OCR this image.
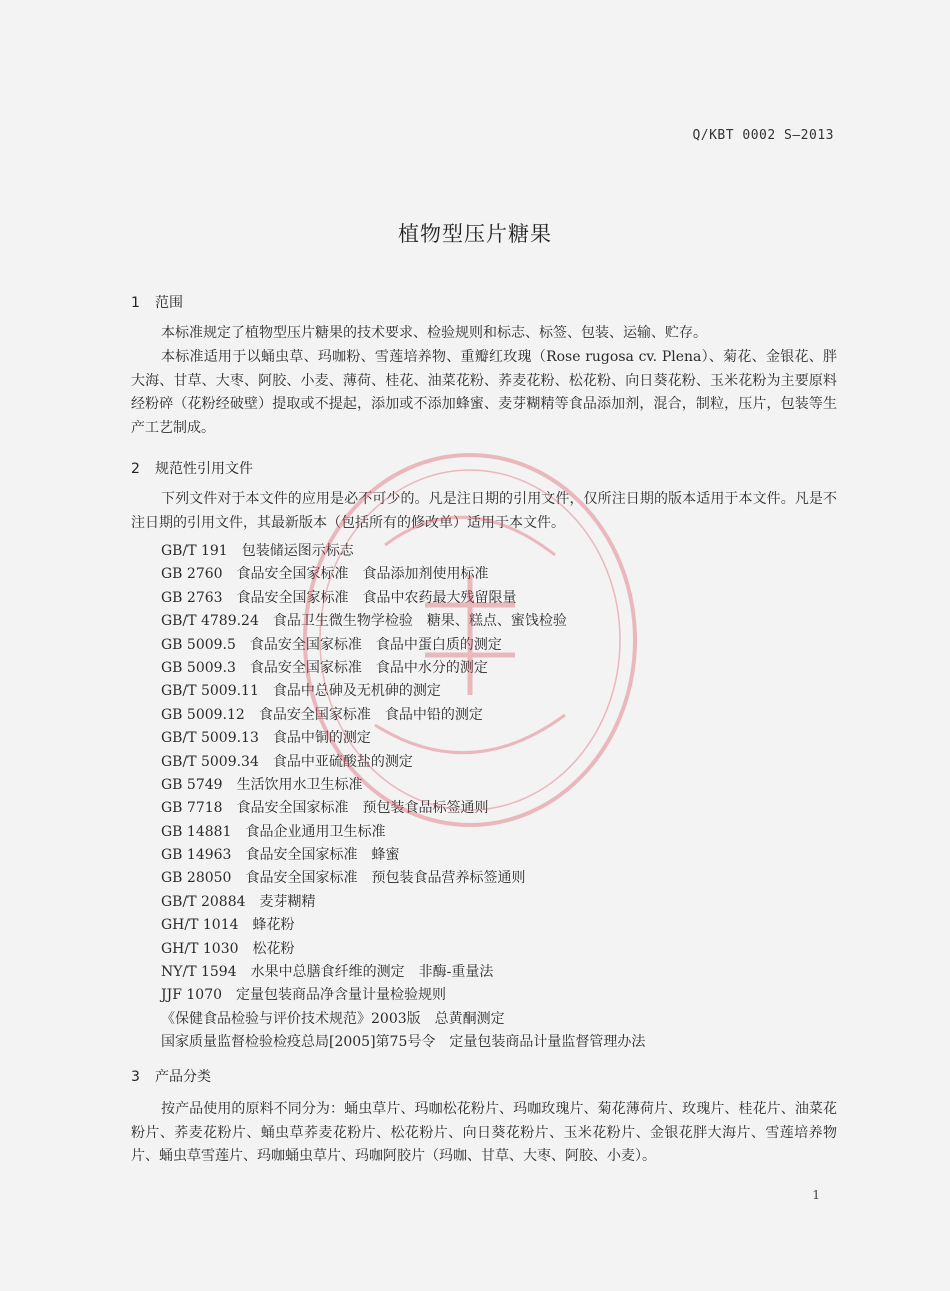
Q/KBT 0002 S—2013
植物型压片糖果
1 范围

本标准规定了植物型压片糖果的技术要求、检验规则和标志、标签、包装、运输、贮存。

本标准适用于以蛹虫草、玛咖粉、雪莲培养物、重瓣红玫瑰（Rose rugosa cv. Plena）、菊花、金银花、胖大海、甘草、大枣、阿胶、小麦、薄荷、桂花、油菜花粉、荞麦花粉、松花粉、向日葵花粉、玉米花粉为主要原料经粉碎（花粉经破壁）提取或不提起，添加或不添加蜂蜜、麦芽糊精等食品添加剂，混合，制粒，压片，包装等生产工艺制成。

2 规范性引用文件

下列文件对于本文件的应用是必不可少的。凡是注日期的引用文件，仅所注日期的版本适用于本文件。凡是不注日期的引用文件，其最新版本（包括所有的修改单）适用于本文件。

GB/T 191 包装储运图示标志
GB 2760 食品安全国家标准　食品添加剂使用标准
GB 2763 食品安全国家标准　食品中农药最大残留限量
GB/T 4789.24 食品卫生微生物学检验　糖果、糕点、蜜饯检验
GB 5009.5 食品安全国家标准　食品中蛋白质的测定
GB 5009.3 食品安全国家标准　食品中水分的测定
GB/T 5009.11 食品中总砷及无机砷的测定
GB 5009.12 食品安全国家标准　食品中铅的测定
GB/T 5009.13 食品中铜的测定
GB/T 5009.34 食品中亚硫酸盐的测定
GB 5749 生活饮用水卫生标准
GB 7718 食品安全国家标准　预包装食品标签通则
GB 14881 食品企业通用卫生标准
GB 14963 食品安全国家标准　蜂蜜
GB 28050 食品安全国家标准　预包装食品营养标签通则
GB/T 20884 麦芽糊精
GH/T 1014 蜂花粉
GH/T 1030 松花粉
NY/T 1594 水果中总膳食纤维的测定　非酶-重量法
JJF 1070 定量包装商品净含量计量检验规则
《保健食品检验与评价技术规范》2003版 总黄酮测定
国家质量监督检验检疫总局[2005]第75号令 定量包装商品计量监督管理办法
3 产品分类

按产品使用的原料不同分为：蛹虫草片、玛咖松花粉片、玛咖玫瑰片、菊花薄荷片、玫瑰片、桂花片、油菜花粉片、荞麦花粉片、蛹虫草荞麦花粉片、松花粉片、向日葵花粉片、玉米花粉片、金银花胖大海片、雪莲培养物片、蛹虫草雪莲片、玛咖蛹虫草片、玛咖阿胶片（玛咖、甘草、大枣、阿胶、小麦）。

1
